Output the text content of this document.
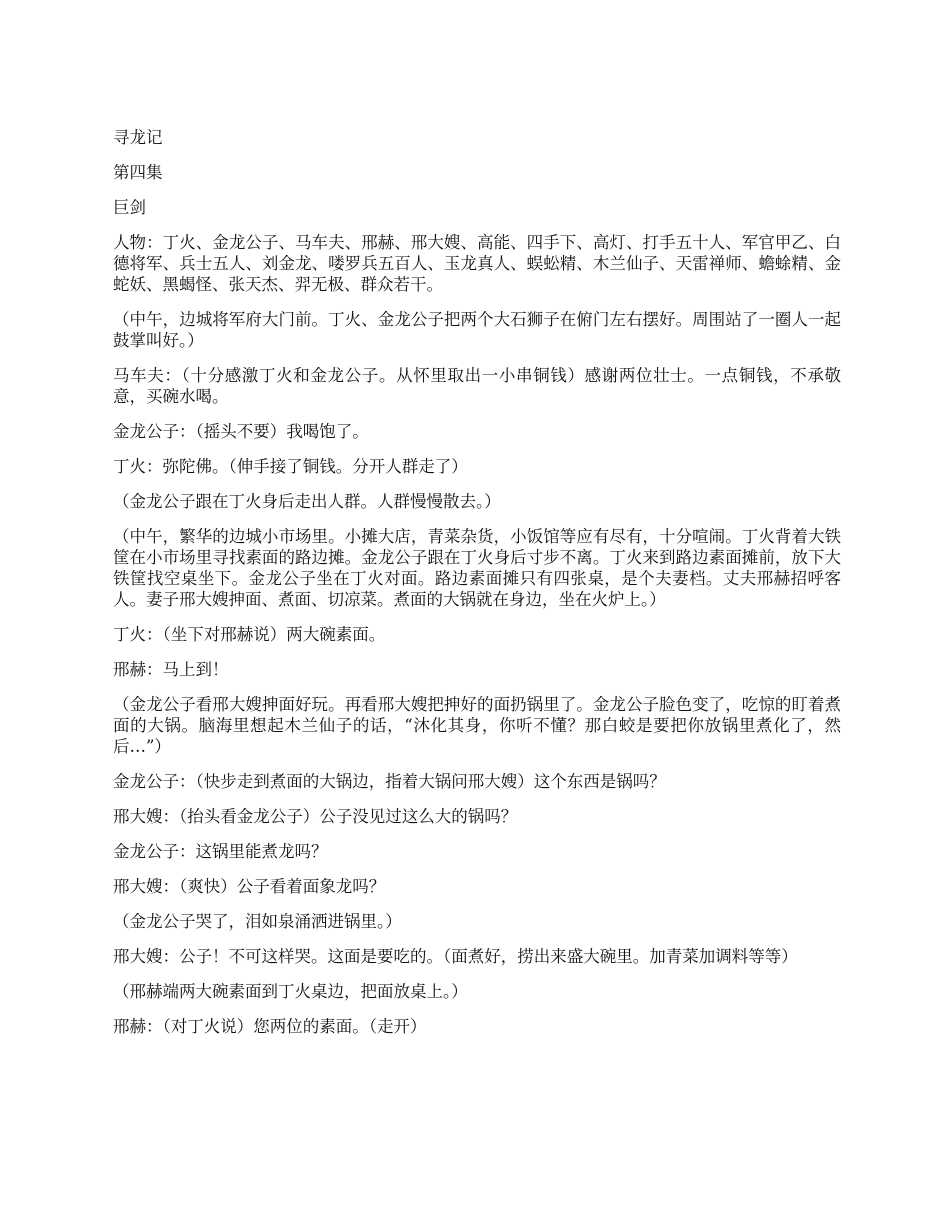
寻龙记

第四集

巨剑

人物：丁火、金龙公子、马车夫、邢赫、邢大嫂、高能、四手下、高灯、打手五十人、军官甲乙、白德将军、兵士五人、刘金龙、喽罗兵五百人、玉龙真人、蜈蚣精、木兰仙子、天雷禅师、蟾蜍精、金蛇妖、黑蝎怪、张天杰、羿无极、群众若干。

（中午，边城将军府大门前。丁火、金龙公子把两个大石狮子在俯门左右摆好。周围站了一圈人一起鼓掌叫好。）

马车夫：（十分感激丁火和金龙公子。从怀里取出一小串铜钱）感谢两位壮士。一点铜钱，不承敬意，买碗水喝。

金龙公子：（摇头不要）我喝饱了。

丁火：弥陀佛。（伸手接了铜钱。分开人群走了）

（金龙公子跟在丁火身后走出人群。人群慢慢散去。）

（中午，繁华的边城小市场里。小摊大店，青菜杂货，小饭馆等应有尽有，十分喧闹。丁火背着大铁筐在小市场里寻找素面的路边摊。金龙公子跟在丁火身后寸步不离。丁火来到路边素面摊前，放下大铁筐找空桌坐下。金龙公子坐在丁火对面。路边素面摊只有四张桌，是个夫妻档。丈夫邢赫招呼客人。妻子邢大嫂抻面、煮面、切凉菜。煮面的大锅就在身边，坐在火炉上。）

丁火：（坐下对邢赫说）两大碗素面。

邢赫：马上到！

（金龙公子看邢大嫂抻面好玩。再看邢大嫂把抻好的面扔锅里了。金龙公子脸色变了，吃惊的盯着煮面的大锅。脑海里想起木兰仙子的话，“沐化其身，你听不懂？那白蛟是要把你放锅里煮化了，然后…”）

金龙公子：（快步走到煮面的大锅边，指着大锅问邢大嫂）这个东西是锅吗？

邢大嫂：（抬头看金龙公子）公子没见过这么大的锅吗？

金龙公子：这锅里能煮龙吗？

邢大嫂：（爽快）公子看着面象龙吗？

（金龙公子哭了，泪如泉涌洒进锅里。）

邢大嫂：公子！不可这样哭。这面是要吃的。（面煮好，捞出来盛大碗里。加青菜加调料等等）

（邢赫端两大碗素面到丁火桌边，把面放桌上。）

邢赫：（对丁火说）您两位的素面。（走开）
